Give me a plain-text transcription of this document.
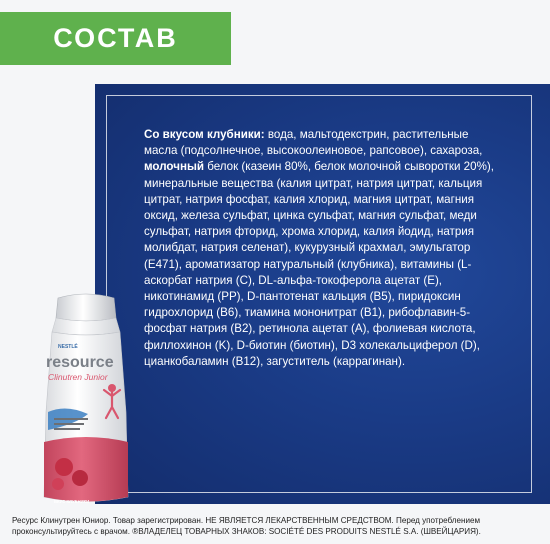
СОСТАВ
Со вкусом клубники: вода, мальтодекстрин, растительные масла (подсолнечное, высокоолеиновое, рапсовое), сахароза, молочный белок (казеин 80%, белок молочной сыворотки 20%), минеральные вещества (калия цитрат, натрия цитрат, кальция цитрат, натрия фосфат, калия хлорид, магния цитрат, магния оксид, железа сульфат, цинка сульфат, магния сульфат, меди сульфат, натрия фторид, хрома хлорид, калия йодид, натрия молибдат, натрия селенат), кукурузный крахмал, эмульгатор (E471), ароматизатор натуральный (клубника), витамины (L-аскорбат натрия (С), DL-альфа-токоферола ацетат (E), никотинамид (PP), D-пантотенат кальция (B5), пиридоксин гидрохлорид (B6), тиамина мононитрат (B1), рибофлавин-5-фосфат натрия (B2), ретинола ацетат (A), фолиевая кислота, филлохинон (K), D-биотин (биотин), D3 холекальциферол (D), цианкобаламин (B12), загуститель (каррагинан).
NESTLÉ
resource
Clinutren Junior
ВКУС КЛУБНИКИ
Ресурс Клинутрен Юниор. Товар зарегистрирован. НЕ ЯВЛЯЕТСЯ ЛЕКАРСТВЕННЫМ СРЕДСТВОМ. Перед употреблением проконсультируйтесь с врачом. ®ВЛАДЕЛЕЦ ТОВАРНЫХ ЗНАКОВ: SOCIÉTÉ DES PRODUITS NESTLÉ S.A. (ШВЕЙЦАРИЯ).
